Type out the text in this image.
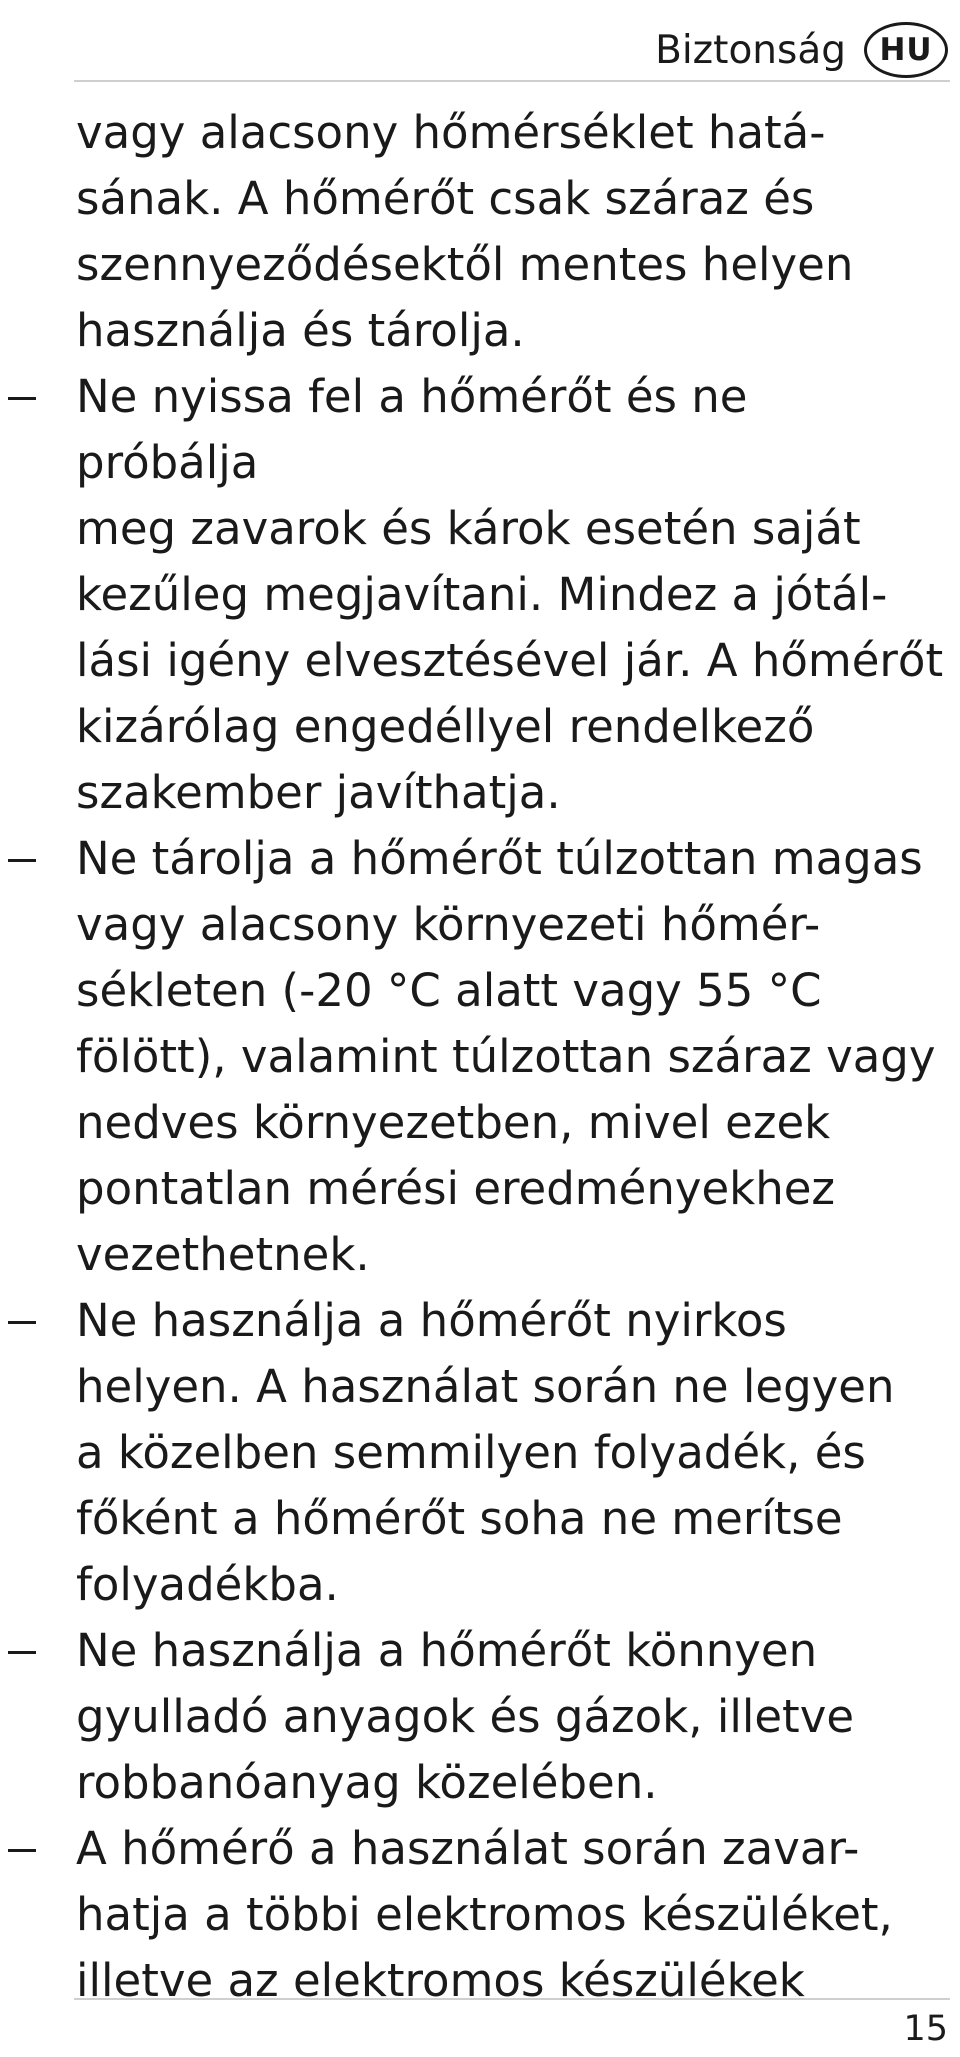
Biztonság	HU
vagy alacsony hőmérséklet hatá-
sának. A hőmérőt csak száraz és
szennyeződésektől mentes helyen
használja és tárolja.
Ne nyissa fel a hőmérőt és ne próbálja
meg zavarok és károk esetén saját
kezűleg megjavítani. Mindez a jótál-
lási igény elvesztésével jár. A hőmérőt
kizárólag engedéllyel rendelkező
szakember javíthatja.
Ne tárolja a hőmérőt túlzottan magas
vagy alacsony környezeti hőmér-
sékleten (-20 °C alatt vagy 55 °C
fölött), valamint túlzottan száraz vagy
nedves környezetben, mivel ezek
pontatlan mérési eredményekhez
vezethetnek.
Ne használja a hőmérőt nyirkos
helyen. A használat során ne legyen
a közelben semmilyen folyadék, és
főként a hőmérőt soha ne merítse
folyadékba.
Ne használja a hőmérőt könnyen
gyulladó anyagok és gázok, illetve
robbanóanyag közelében.
A hőmérő a használat során zavar-
hatja a többi elektromos készüléket,
illetve az elektromos készülékek
15
